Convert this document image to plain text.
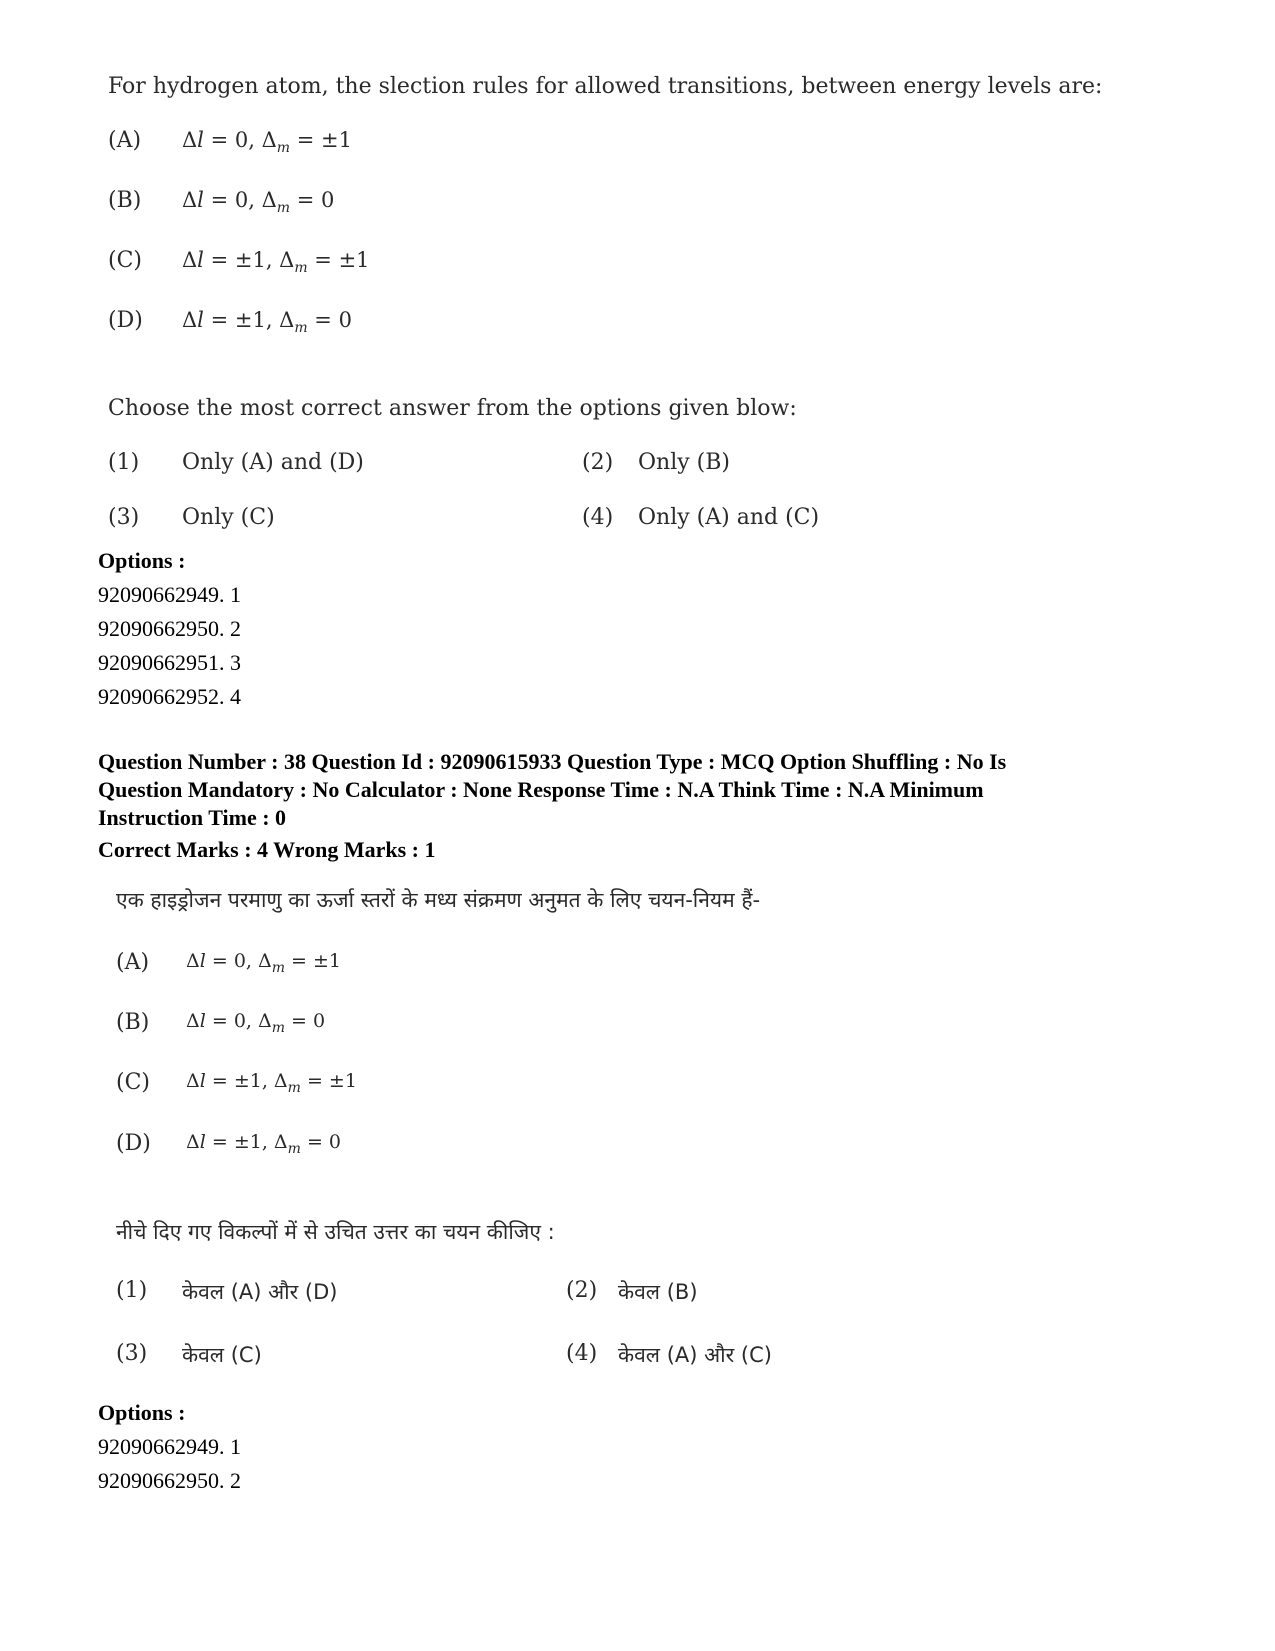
For hydrogen atom, the slection rules for allowed transitions, between energy levels are:
(A) Δl = 0, $\Delta_m = \pm 1$
(B) Δl = 0, $\Delta_m = 0$
(C) Δl = ±1, $\Delta_m = \pm 1$
(D) Δl = ±1, $\Delta_m = 0$
Choose the most correct answer from the options given blow:
(1) Only (A) and (D)	(2) Only (B)
(3) Only (C)	(4) Only (A) and (C)
Options :
92090662949. 1
92090662950. 2
92090662951. 3
92090662952. 4
Question Number : 38 Question Id : 92090615933 Question Type : MCQ Option Shuffling : No Is
Question Mandatory : No Calculator : None Response Time : N.A Think Time : N.A Minimum
Instruction Time : 0
Correct Marks : 4 Wrong Marks : 1
एक हाइड्रोजन परमाणु का ऊर्जा स्तरों के मध्य संक्रमण अनुमत के लिए चयन-नियम हैं-
(A) Δl = 0, $\Delta_m = \pm 1$
(B) Δl = 0, $\Delta_m = 0$
(C) Δl = ±1, $\Delta_m = \pm 1$
(D) Δl = ±1, $\Delta_m = 0$
नीचे दिए गए विकल्पों में से उचित उत्तर का चयन कीजिए :
(1) केवल (A) और (D)	(2) केवल (B)
(3) केवल (C)	(4) केवल (A) और (C)
Options :
92090662949. 1
92090662950. 2
